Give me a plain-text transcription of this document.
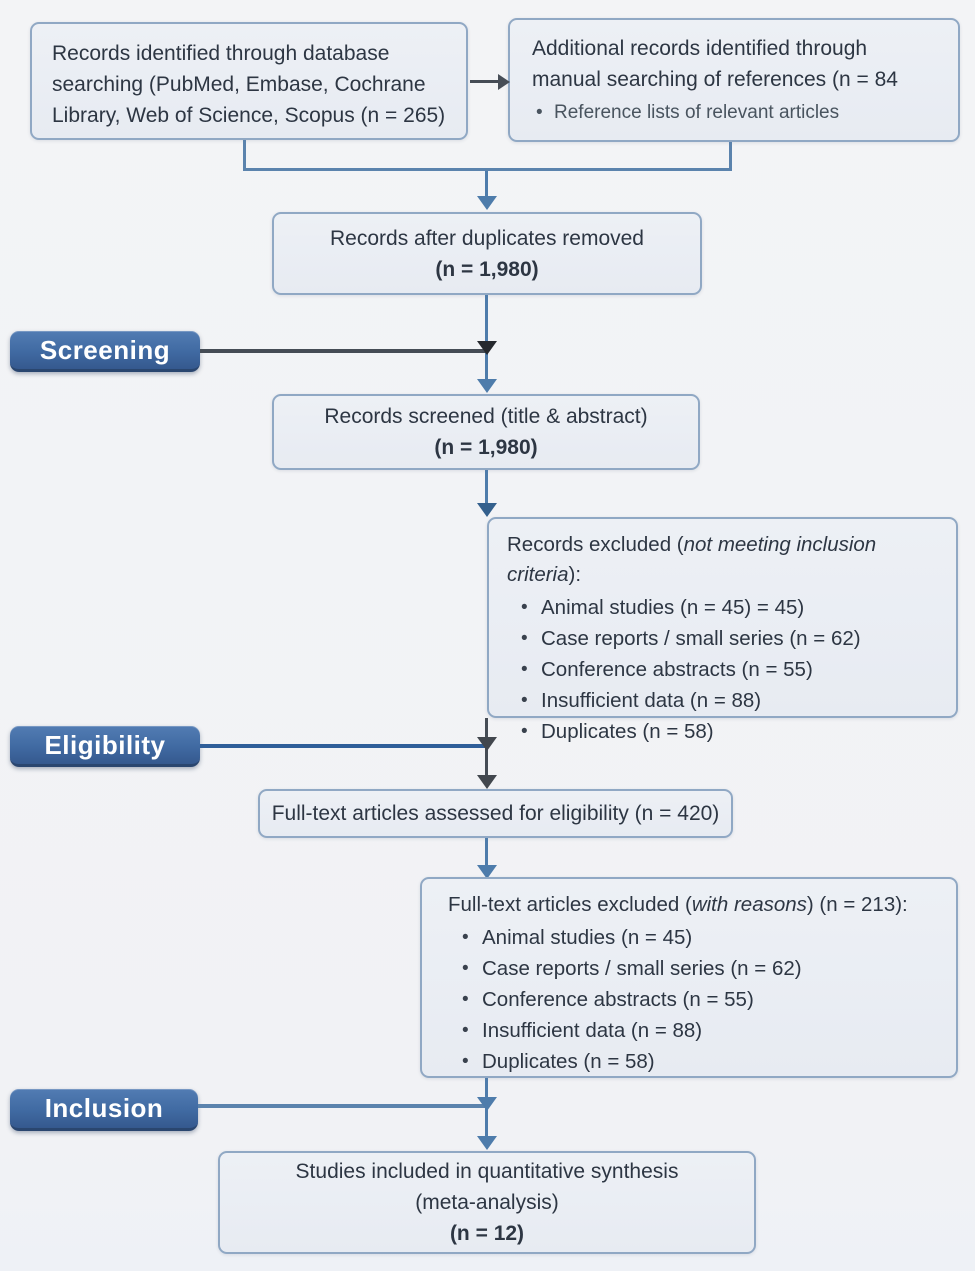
Records identified through database
searching (PubMed, Embase, Cochrane
Library, Web of Science, Scopus (n = 265)
Additional records identified through
manual searching of references (n = 84
• Reference lists of relevant articles
Records after duplicates removed
(n = 1,980)
Screening
Records screened (title & abstract)
(n = 1,980)
Records excluded (not meeting inclusion criteria):
• Animal studies (n = 45) = 45)
• Case reports / small series (n = 62)
• Conference abstracts (n = 55)
• Insufficient data (n = 88)
• Duplicates (n = 58)
Eligibility
Full-text articles assessed for eligibility (n = 420)
Full-text articles excluded (with reasons) (n = 213):
• Animal studies (n = 45)
• Case reports / small series (n = 62)
• Conference abstracts (n = 55)
• Insufficient data (n = 88)
• Duplicates (n = 58)
Inclusion
Studies included in quantitative synthesis
(meta-analysis)
(n = 12)
